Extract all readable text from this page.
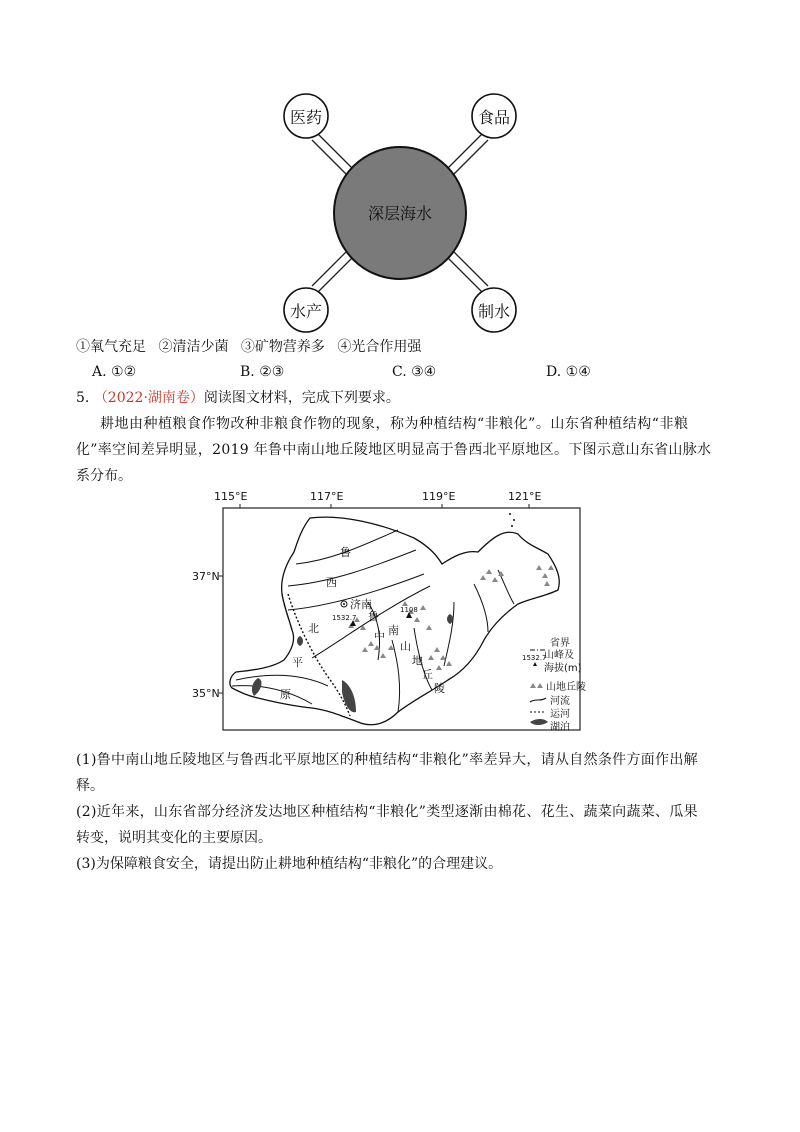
深层海水
医药	食品
水产	制水
①氧气充足 ②清洁少菌 ③矿物营养多 ④光合作用强
A. ①②	B. ②③	C. ③④	D. ①④
5. （2022·湖南卷）阅读图文材料，完成下列要求。
耕地由种植粮食作物改种非粮食作物的现象，称为种植结构“非粮化”。山东省种植结构“非粮
化”率空间差异明显，2019 年鲁中南山地丘陵地区明显高于鲁西北平原地区。下图示意山东省山脉水
系分布。
115°E	117°E	119°E	121°E
37°N
35°N
济南
1532.7
1108
鲁
西
北
平
原
鲁
中 南
山
地
丘
陵
省界
山峰及
1532.7
海拔(m)
山地丘陵
河流
运河
湖泊
(1)鲁中南山地丘陵地区与鲁西北平原地区的种植结构“非粮化”率差异大，请从自然条件方面作出解
释。
(2)近年来，山东省部分经济发达地区种植结构“非粮化”类型逐渐由棉花、花生、蔬菜向蔬菜、瓜果
转变，说明其变化的主要原因。
(3)为保障粮食安全，请提出防止耕地种植结构“非粮化”的合理建议。
